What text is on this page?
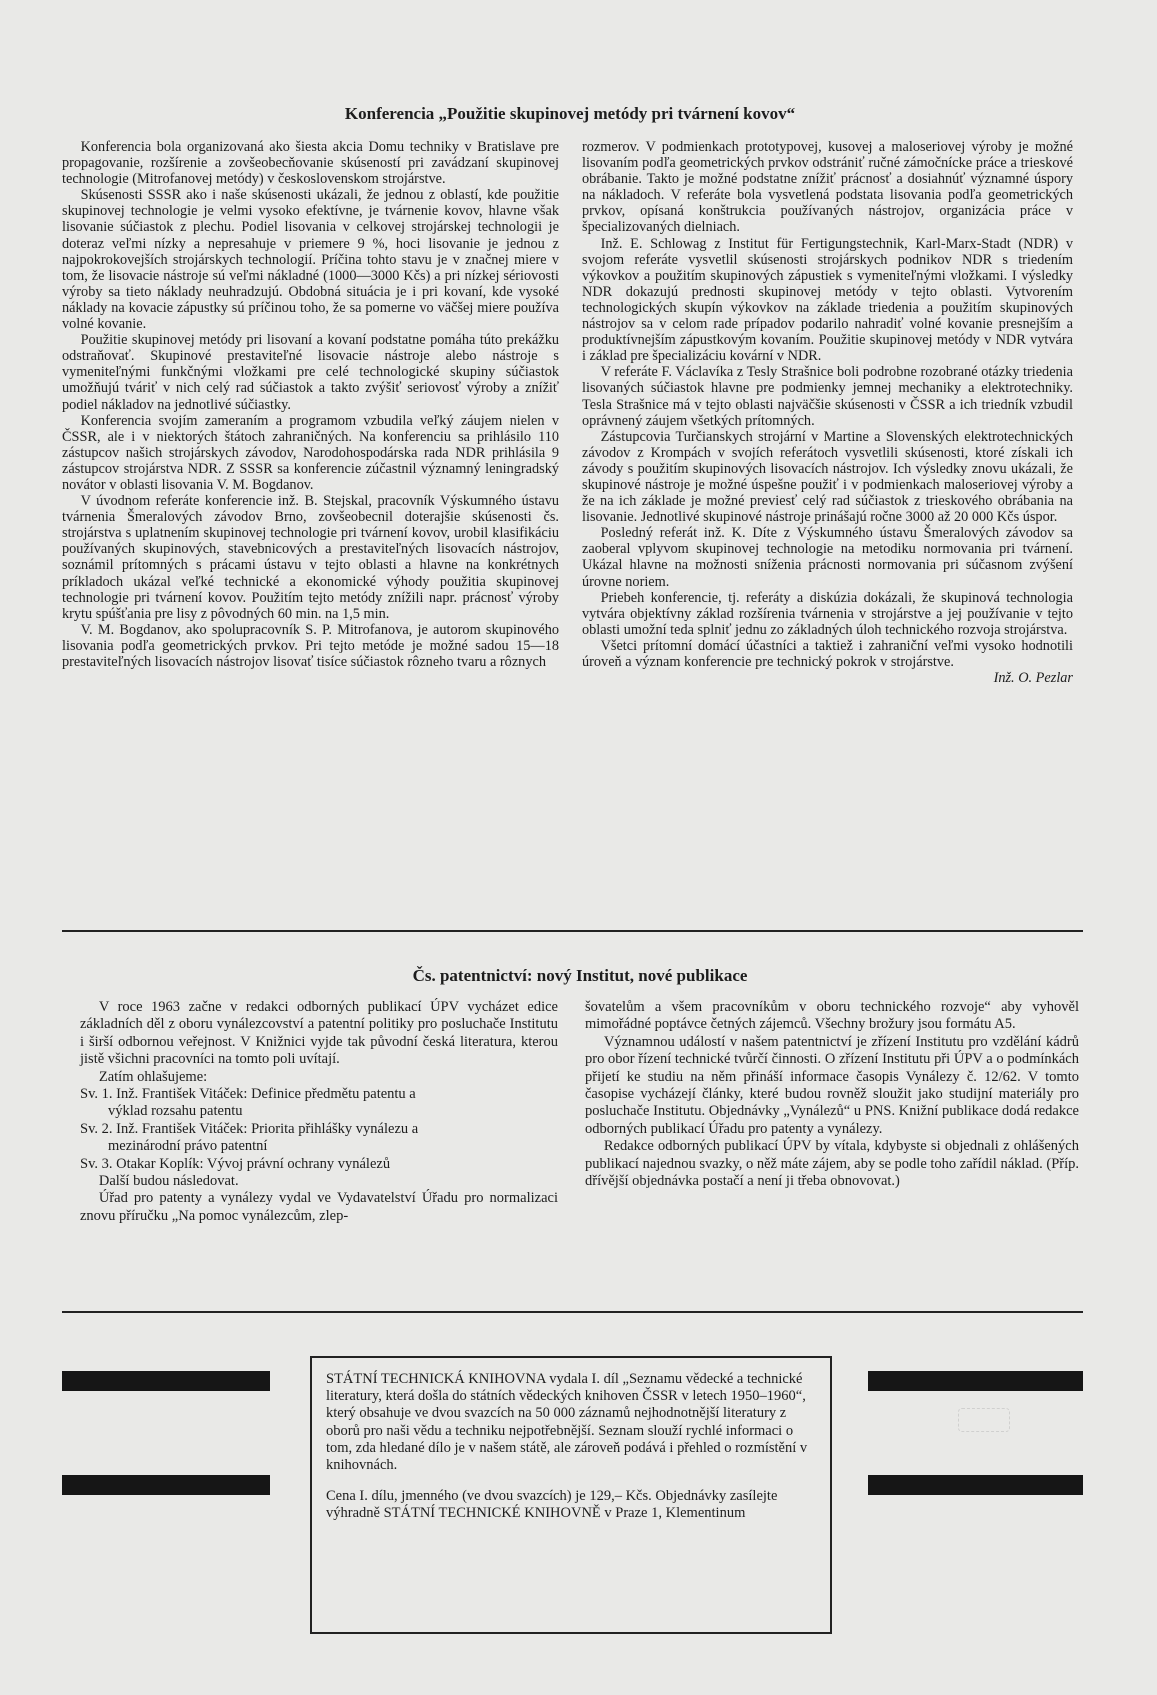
Konferencia „Použitie skupinovej metódy pri tvárnení kovov“

Konferencia bola organizovaná ako šiesta akcia Domu techniky v Bratislave pre propagovanie, rozšírenie a zovšeobecňovanie skúseností pri zavádzaní skupinovej technologie (Mitrofanovej metódy) v československom strojárstve.

Skúsenosti SSSR ako i naše skúsenosti ukázali, že jednou z oblastí, kde použitie skupinovej technologie je velmi vysoko efektívne, je tvárnenie kovov, hlavne však lisovanie súčiastok z plechu. Podiel lisovania v celkovej strojárskej technologii je doteraz veľmi nízky a nepresahuje v priemere 9 %, hoci lisovanie je jednou z najpokrokovejších strojárskych technologií. Príčina tohto stavu je v značnej miere v tom, že lisovacie nástroje sú veľmi nákladné (1000—3000 Kčs) a pri nízkej sériovosti výroby sa tieto náklady neuhradzujú. Obdobná situácia je i pri kovaní, kde vysoké náklady na kovacie zápustky sú príčinou toho, že sa pomerne vo väčšej miere používa volné kovanie.

Použitie skupinovej metódy pri lisovaní a kovaní podstatne pomáha túto prekážku odstraňovať. Skupinové prestaviteľné lisovacie nástroje alebo nástroje s vymeniteľnými funkčnými vložkami pre celé technologické skupiny súčiastok umožňujú tváriť v nich celý rad súčiastok a takto zvýšiť seriovosť výroby a znížiť podiel nákladov na jednotlivé súčiastky.

Konferencia svojím zameraním a programom vzbudila veľký záujem nielen v ČSSR, ale i v niektorých štátoch zahraničných. Na konferenciu sa prihlásilo 110 zástupcov našich strojárskych závodov, Narodohospodárska rada NDR prihlásila 9 zástupcov strojárstva NDR. Z SSSR sa konferencie zúčastnil významný leningradský novátor v oblasti lisovania V. M. Bogdanov.

V úvodnom referáte konferencie inž. B. Stejskal, pracovník Výskumného ústavu tvárnenia Šmeralových závodov Brno, zovšeobecnil doterajšie skúsenosti čs. strojárstva s uplatnením skupinovej technologie pri tvárnení kovov, urobil klasifikáciu používaných skupinových, stavebnicových a prestaviteľných lisovacích nástrojov, soznámil prítomných s prácami ústavu v tejto oblasti a hlavne na konkrétnych príkladoch ukázal veľké technické a ekonomické výhody použitia skupinovej technologie pri tvárnení kovov. Použitím tejto metódy znížili napr. prácnosť výroby krytu spúšťania pre lisy z pôvodných 60 min. na 1,5 min.

V. M. Bogdanov, ako spolupracovník S. P. Mitrofanova, je autorom skupinového lisovania podľa geometrických prvkov. Pri tejto metóde je možné sadou 15—18 prestaviteľných lisovacích nástrojov lisovať tisíce súčiastok rôzneho tvaru a rôznych

rozmerov. V podmienkach prototypovej, kusovej a maloseriovej výroby je možné lisovaním podľa geometrických prvkov odstrániť ručné zámočnícke práce a trieskové obrábanie. Takto je možné podstatne znížiť prácnosť a dosiahnúť významné úspory na nákladoch. V referáte bola vysvetlená podstata lisovania podľa geometrických prvkov, opísaná konštrukcia používaných nástrojov, organizácia práce v špecializovaných dielniach.

Inž. E. Schlowag z Institut für Fertigungstechnik, Karl-Marx-Stadt (NDR) v svojom referáte vysvetlil skúsenosti strojárskych podnikov NDR s triedením výkovkov a použitím skupinových zápustiek s vymeniteľnými vložkami. I výsledky NDR dokazujú prednosti skupinovej metódy v tejto oblasti. Vytvorením technologických skupín výkovkov na základe triedenia a použitím skupinových nástrojov sa v celom rade prípadov podarilo nahradiť volné kovanie presnejším a produktívnejším zápustkovým kovaním. Použitie skupinovej metódy v NDR vytvára i základ pre špecializáciu kovární v NDR.

V referáte F. Václavíka z Tesly Strašnice boli podrobne rozobrané otázky triedenia lisovaných súčiastok hlavne pre podmienky jemnej mechaniky a elektrotechniky. Tesla Strašnice má v tejto oblasti najväčšie skúsenosti v ČSSR a ich triedník vzbudil oprávnený záujem všetkých prítomných.

Zástupcovia Turčianskych strojární v Martine a Slovenských elektrotechnických závodov z Krompách v svojích referátoch vysvetlili skúsenosti, ktoré získali ich závody s použitím skupinových lisovacích nástrojov. Ich výsledky znovu ukázali, že skupinové nástroje je možné úspešne použiť i v podmienkach maloseriovej výroby a že na ich základe je možné previesť celý rad súčiastok z trieskového obrábania na lisovanie. Jednotlivé skupinové nástroje prinášajú ročne 3000 až 20 000 Kčs úspor.

Posledný referát inž. K. Díte z Výskumného ústavu Šmeralových závodov sa zaoberal vplyvom skupinovej technologie na metodiku normovania pri tvárnení. Ukázal hlavne na možnosti sníženia prácnosti normovania pri súčasnom zvýšení úrovne noriem.

Priebeh konferencie, tj. referáty a diskúzia dokázali, že skupinová technologia vytvára objektívny základ rozšírenia tvárnenia v strojárstve a jej používanie v tejto oblasti umožní teda splniť jednu zo základných úloh technického rozvoja strojárstva.

Všetci prítomní domácí účastníci a taktiež i zahraniční veľmi vysoko hodnotili úroveň a význam konferencie pre technický pokrok v strojárstve.

Inž. O. Pezlar

Čs. patentnictví: nový Institut, nové publikace

V roce 1963 začne v redakci odborných publikací ÚPV vycházet edice základních děl z oboru vynálezcovství a patentní politiky pro posluchače Institutu i širší odbornou veřejnost. V Knižnici vyjde tak původní česká literatura, kterou jistě všichni pracovníci na tomto poli uvítají.

Zatím ohlašujeme:

Sv. 1. Inž. František Vitáček: Definice předmětu patentu a
výklad rozsahu patentu

Sv. 2. Inž. František Vitáček: Priorita přihlášky vynálezu a
mezinárodní právo patentní

Sv. 3. Otakar Koplík: Vývoj právní ochrany vynálezů

Další budou následovat.

Úřad pro patenty a vynálezy vydal ve Vydavatelství Úřadu pro normalizaci znovu příručku „Na pomoc vynálezcům, zlep-

šovatelům a všem pracovníkům v oboru technického rozvoje“ aby vyhověl mimořádné poptávce četných zájemců. Všechny brožury jsou formátu A5.

Významnou událostí v našem patentnictví je zřízení Institutu pro vzdělání kádrů pro obor řízení technické tvůrčí činnosti. O zřízení Institutu při ÚPV a o podmínkách přijetí ke studiu na něm přináší informace časopis Vynálezy č. 12/62. V tomto časopise vycházejí články, které budou rovněž sloužit jako studijní materiály pro posluchače Institutu. Objednávky „Vynálezů“ u PNS. Knižní publikace dodá redakce odborných publikací Úřadu pro patenty a vynálezy.

Redakce odborných publikací ÚPV by vítala, kdybyste si objednali z ohlášených publikací najednou svazky, o něž máte zájem, aby se podle toho zařídil náklad. (Příp. dřívější objednávka postačí a není ji třeba obnovovat.)

STÁTNÍ TECHNICKÁ KNIHOVNA vydala I. díl „Seznamu vědecké a technické literatury, která došla do státních vědeckých knihoven ČSSR v letech 1950–1960“, který obsahuje ve dvou svazcích na 50 000 záznamů nejhodnotnější literatury z oborů pro naši vědu a techniku nejpotřebnější. Seznam slouží rychlé informaci o tom, zda hledané dílo je v našem státě, ale zároveň podává i přehled o rozmístění v knihovnách.

Cena I. dílu, jmenného (ve dvou svazcích) je 129,– Kčs. Objednávky zasílejte výhradně STÁTNÍ TECHNICKÉ KNIHOVNĚ v Praze 1, Klementinum
